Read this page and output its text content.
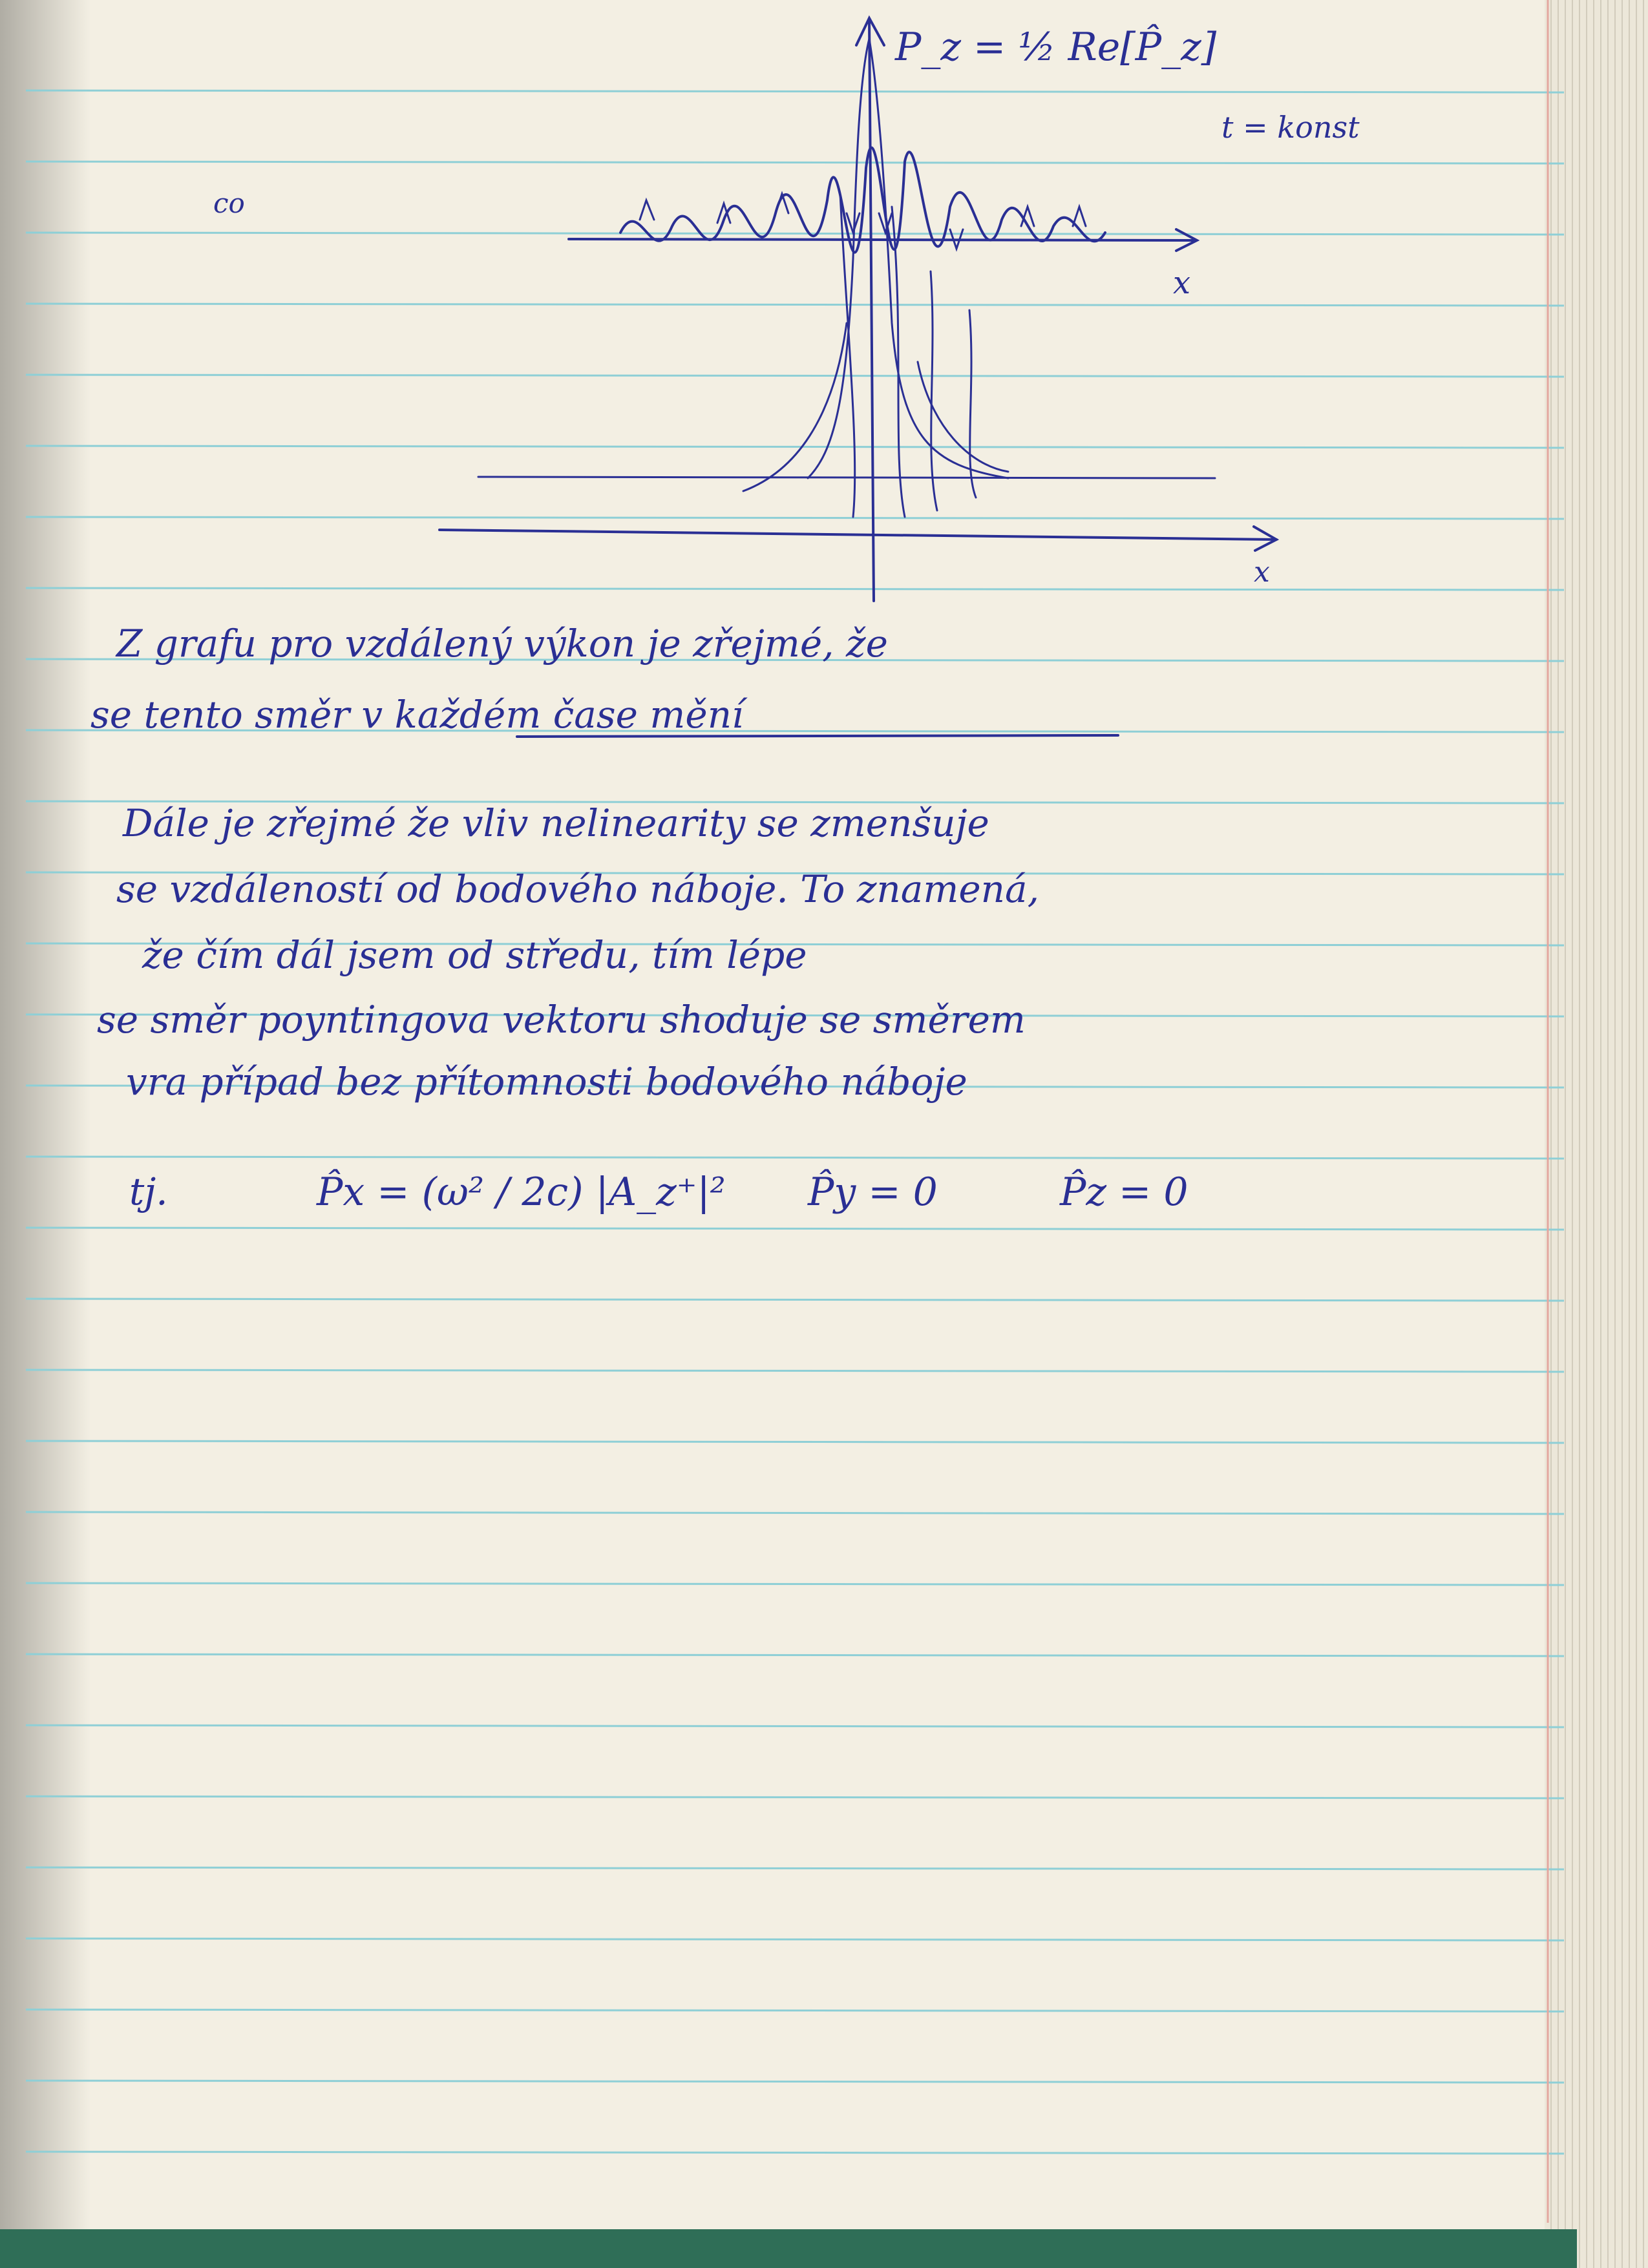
P_z = ½ Re[P̂_z]
t = konst
co
x
x
Z grafu pro vzdálený výkon je zřejmé, že
se tento směr v každém čase mění
Dále je zřejmé že vliv nelinearity se zmenšuje
se vzdáleností od bodového náboje. To znamená,
že čím dál jsem od středu, tím lépe
se směr poyntingova vektoru shoduje se směrem
vra případ bez přítomnosti bodového náboje
tj.	P̂x = (ω² / 2c) |A_z⁺|² P̂y = 0	P̂z = 0
